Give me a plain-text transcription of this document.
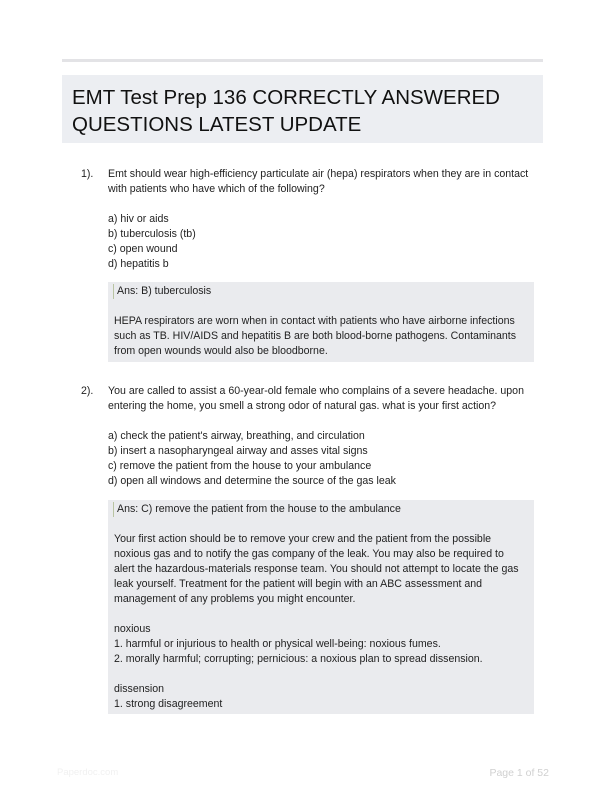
EMT Test Prep 136 CORRECTLY ANSWERED QUESTIONS LATEST UPDATE
1). Emt should wear high-efficiency particulate air (hepa) respirators when they are in contact with patients who have which of the following?

a) hiv or aids
b) tuberculosis (tb)
c) open wound
d) hepatitis b
Ans: B) tuberculosis

HEPA respirators are worn when in contact with patients who have airborne infections such as TB. HIV/AIDS and hepatitis B are both blood-borne pathogens. Contaminants from open wounds would also be bloodborne.

2). You are called to assist a 60-year-old female who complains of a severe headache. upon entering the home, you smell a strong odor of natural gas. what is your first action?

a) check the patient's airway, breathing, and circulation
b) insert a nasopharyngeal airway and asses vital signs
c) remove the patient from the house to your ambulance
d) open all windows and determine the source of the gas leak
Ans: C) remove the patient from the house to the ambulance

Your first action should be to remove your crew and the patient from the possible noxious gas and to notify the gas company of the leak. You may also be required to alert the hazardous-materials response team. You should not attempt to locate the gas leak yourself. Treatment for the patient will begin with an ABC assessment and management of any problems you might encounter.

noxious

1. harmful or injurious to health or physical well-being: noxious fumes.
2. morally harmful; corrupting; pernicious: a noxious plan to spread dissension.

dissension

1. strong disagreement
Paperdoc.com	Page 1 of 52
